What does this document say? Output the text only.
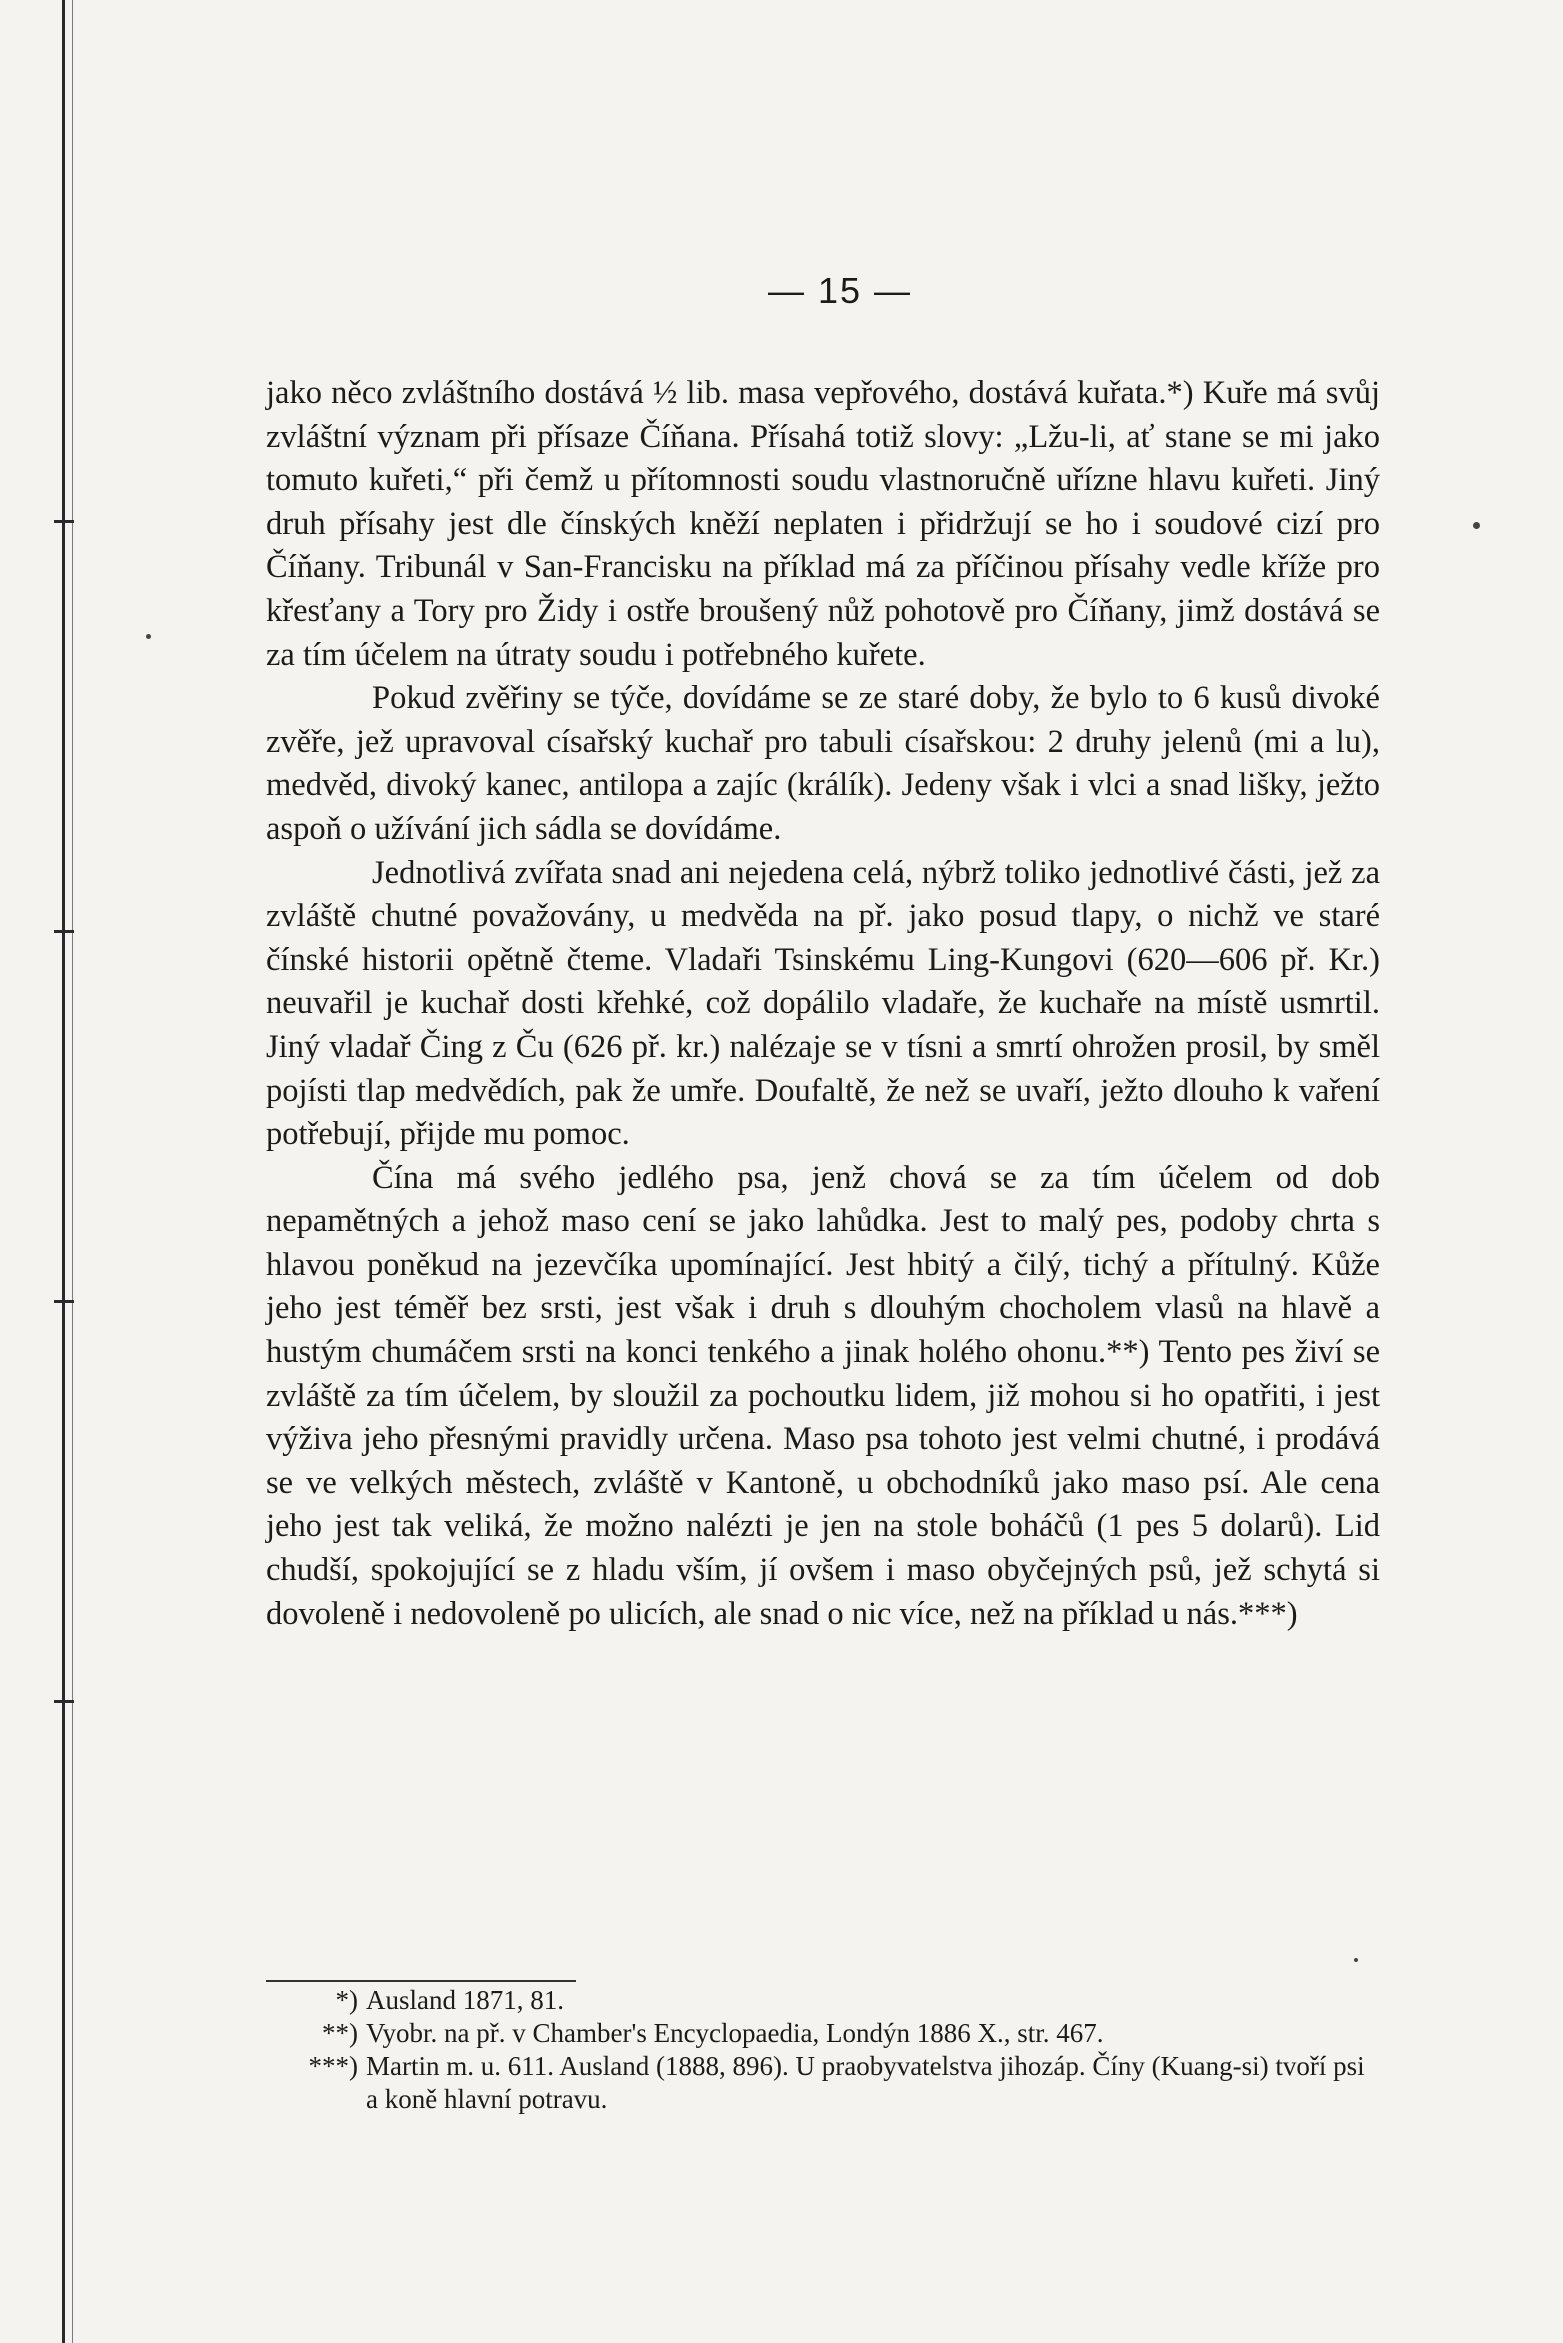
— 15 —

jako něco zvláštního dostává ½ lib. masa vepřového, dostává kuřata.*) Kuře má svůj zvláštní význam při přísaze Číňana. Přísahá totiž slovy: „Lžu-li, ať stane se mi jako tomuto kuřeti,“ při čemž u přítomnosti soudu vlastnoručně uřízne hlavu kuřeti. Jiný druh přísahy jest dle čínských kněží neplaten i přidržují se ho i soudové cizí pro Číňany. Tribunál v San-Francisku na příklad má za příčinou přísahy vedle kříže pro křesťany a Tory pro Židy i ostře broušený nůž pohotově pro Číňany, jimž dostává se za tím účelem na útraty soudu i potřebného kuřete.

Pokud zvěřiny se týče, dovídáme se ze staré doby, že bylo to 6 kusů divoké zvěře, jež upravoval císařský kuchař pro tabuli císařskou: 2 druhy jelenů (mi a lu), medvěd, divoký kanec, antilopa a zajíc (králík). Jedeny však i vlci a snad lišky, ježto aspoň o užívání jich sádla se dovídáme.

Jednotlivá zvířata snad ani nejedena celá, nýbrž toliko jednotlivé části, jež za zvláště chutné považovány, u medvěda na př. jako posud tlapy, o nichž ve staré čínské historii opětně čteme. Vladaři Tsinskému Ling-Kungovi (620—606 př. Kr.) neuvařil je kuchař dosti křehké, což dopálilo vladaře, že kuchaře na místě usmrtil. Jiný vladař Čing z Ču (626 př. kr.) nalézaje se v tísni a smrtí ohrožen prosil, by směl pojísti tlap medvědích, pak že umře. Doufaltě, že než se uvaří, ježto dlouho k vaření potřebují, přijde mu pomoc.

Čína má svého jedlého psa, jenž chová se za tím účelem od dob nepamětných a jehož maso cení se jako lahůdka. Jest to malý pes, podoby chrta s hlavou poněkud na jezevčíka upomínající. Jest hbitý a čilý, tichý a přítulný. Kůže jeho jest téměř bez srsti, jest však i druh s dlouhým chocholem vlasů na hlavě a hustým chumáčem srsti na konci tenkého a jinak holého ohonu.**) Tento pes živí se zvláště za tím účelem, by sloužil za pochoutku lidem, již mohou si ho opatřiti, i jest výživa jeho přesnými pravidly určena. Maso psa tohoto jest velmi chutné, i prodává se ve velkých městech, zvláště v Kantoně, u obchodníků jako maso psí. Ale cena jeho jest tak veliká, že možno nalézti je jen na stole boháčů (1 pes 5 dolarů). Lid chudší, spokojující se z hladu vším, jí ovšem i maso obyčejných psů, jež schytá si dovoleně i nedovoleně po ulicích, ale snad o nic více, než na příklad u nás.***)

*) Ausland 1871, 81.
**) Vyobr. na př. v Chamber's Encyclopaedia, Londýn 1886 X., str. 467.
***) Martin m. u. 611. Ausland (1888, 896). U praobyvatelstva jihozáp. Číny (Kuang-si) tvoří psi a koně hlavní potravu.
